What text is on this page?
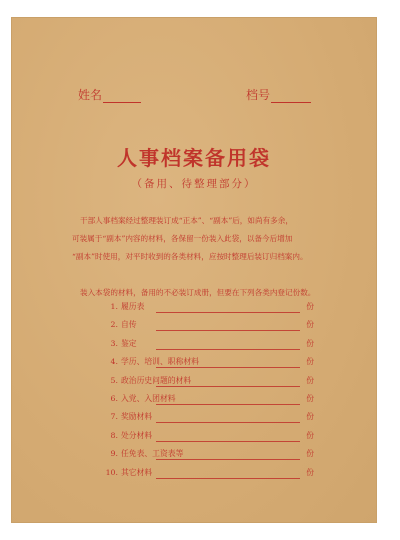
姓名	档号
人事档案备用袋
（备用、待整理部分）
干部人事档案经过整理装订成“正本”、“副本”后，如尚有多余，
可装属于“副本”内容的材料，各保留一份装入此袋，以备今后增加
“副本”时使用，对平时收到的各类材料，应按时整理后装订归档案内。
装入本袋的材料，备用的不必装订成册，但要在下列各类内登记份数。
1. 履历表	份
2. 自传	份
3. 鉴定	份
4. 学历、培训、职称材料	份
5. 政治历史问题的材料	份
6. 入党、入团材料	份
7. 奖励材料	份
8. 处分材料	份
9. 任免表、工资表等	份
10. 其它材料	份
